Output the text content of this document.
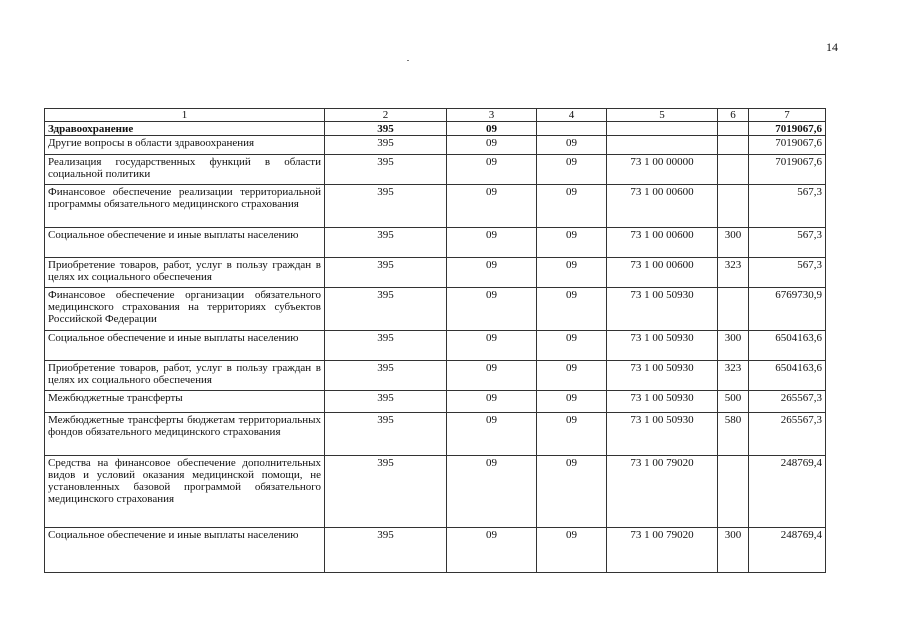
14
1	2	3	4	5	6	7
Здравоохранение	395	09				7019067,6
Другие вопросы в области здравоохранения	395	09	09			7019067,6
Реализация государственных функций в области социальной политики	395	09	09	73 1 00 00000		7019067,6
Финансовое обеспечение реализации территориальной программы обязательного медицинского страхования	395	09	09	73 1 00 00600		567,3
Социальное обеспечение и иные выплаты населению	395	09	09	73 1 00 00600	300	567,3
Приобретение товаров, работ, услуг в пользу граждан в целях их социального обеспечения	395	09	09	73 1 00 00600	323	567,3
Финансовое обеспечение организации обязательного медицинского страхования на территориях субъектов Российской Федерации	395	09	09	73 1 00 50930		6769730,9
Социальное обеспечение и иные выплаты населению	395	09	09	73 1 00 50930	300	6504163,6
Приобретение товаров, работ, услуг в пользу граждан в целях их социального обеспечения	395	09	09	73 1 00 50930	323	6504163,6
Межбюджетные трансферты	395	09	09	73 1 00 50930	500	265567,3
Межбюджетные трансферты бюджетам территориальных фондов обязательного медицинского страхования	395	09	09	73 1 00 50930	580	265567,3
Средства на финансовое обеспечение дополнительных видов и условий оказания медицинской помощи, не установленных базовой программой обязательного медицинского страхования	395	09	09	73 1 00 79020		248769,4
Социальное обеспечение и иные выплаты населению	395	09	09	73 1 00 79020	300	248769,4
